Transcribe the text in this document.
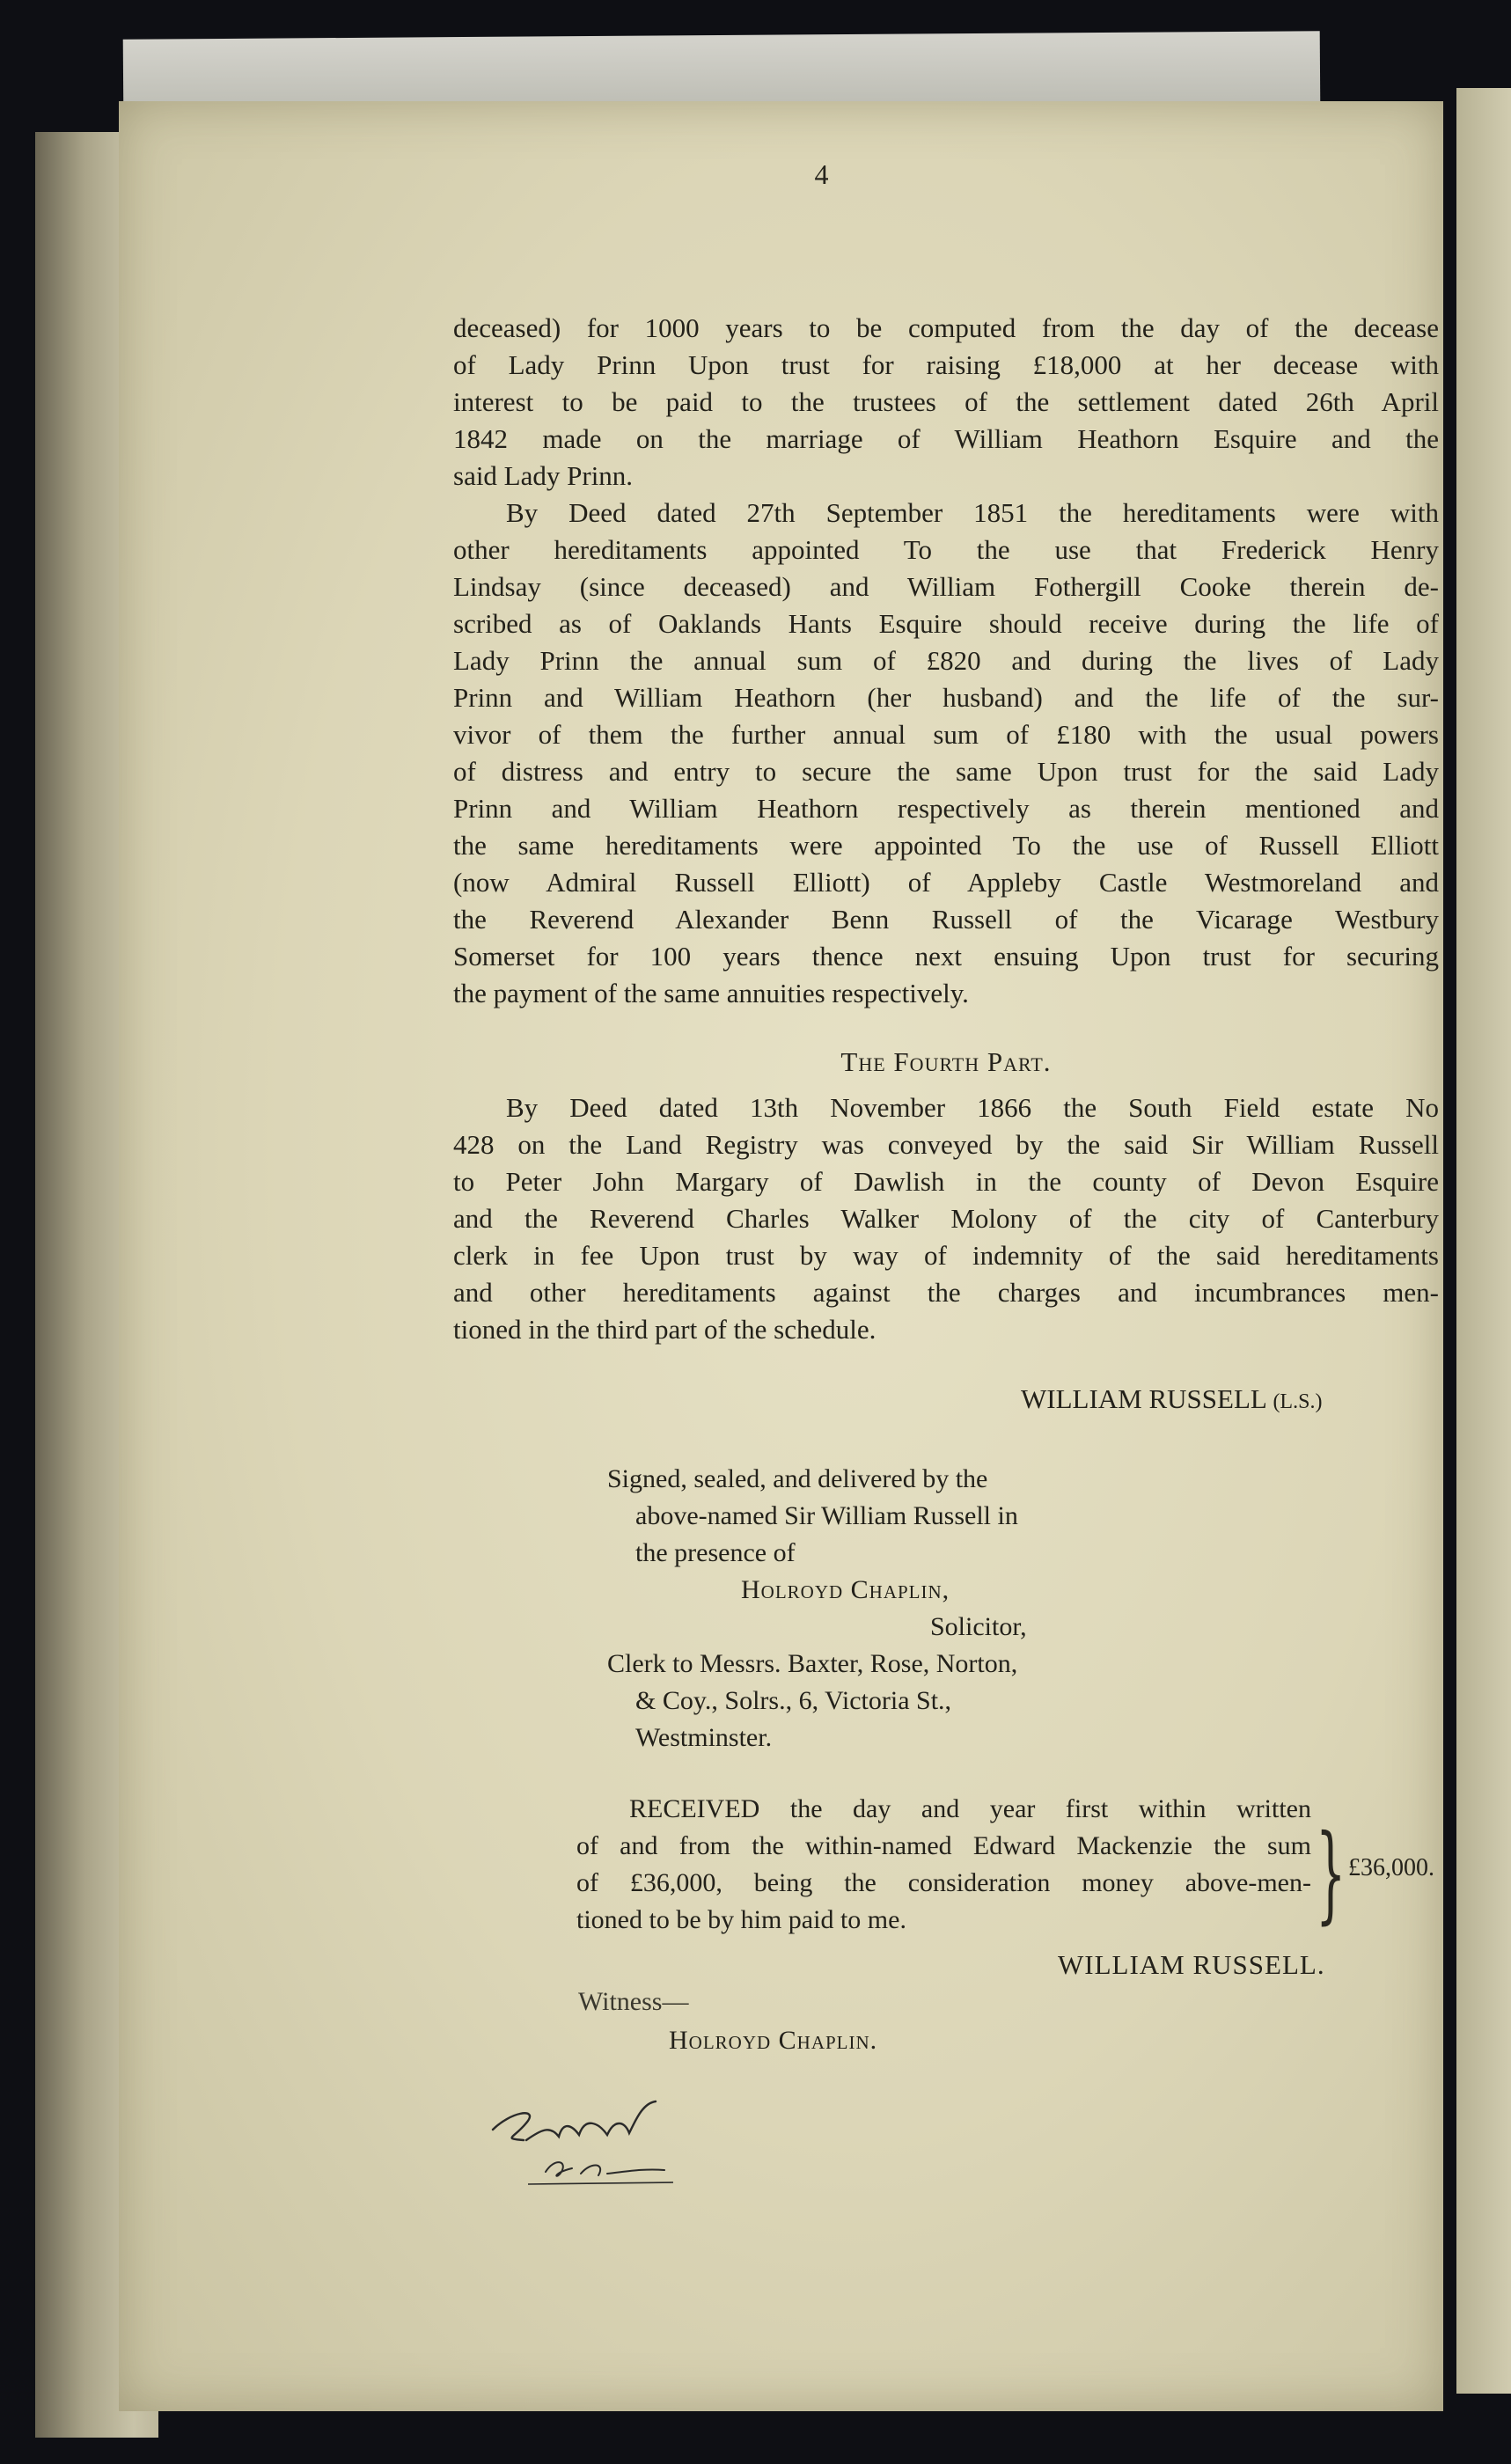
4
deceased) for 1000 years to be computed from the day of the decease
of Lady Prinn Upon trust for raising £18,000 at her decease with
interest to be paid to the trustees of the settlement dated 26th April
1842 made on the marriage of William Heathorn Esquire and the
said Lady Prinn.
By Deed dated 27th September 1851 the hereditaments were with
other hereditaments appointed To the use that Frederick Henry
Lindsay (since deceased) and William Fothergill Cooke therein de-
scribed as of Oaklands Hants Esquire should receive during the life of
Lady Prinn the annual sum of £820 and during the lives of Lady
Prinn and William Heathorn (her husband) and the life of the sur-
vivor of them the further annual sum of £180 with the usual powers
of distress and entry to secure the same Upon trust for the said Lady
Prinn and William Heathorn respectively as therein mentioned and
the same hereditaments were appointed To the use of Russell Elliott
(now Admiral Russell Elliott) of Appleby Castle Westmoreland and
the Reverend Alexander Benn Russell of the Vicarage Westbury
Somerset for 100 years thence next ensuing Upon trust for securing
the payment of the same annuities respectively.
The Fourth Part.
By Deed dated 13th November 1866 the South Field estate No
428 on the Land Registry was conveyed by the said Sir William Russell
to Peter John Margary of Dawlish in the county of Devon Esquire
and the Reverend Charles Walker Molony of the city of Canterbury
clerk in fee Upon trust by way of indemnity of the said hereditaments
and other hereditaments against the charges and incumbrances men-
tioned in the third part of the schedule.
WILLIAM RUSSELL (L.S.)
Signed, sealed, and delivered by the
above-named Sir William Russell in
the presence of
Holroyd Chaplin,
Solicitor,
Clerk to Messrs. Baxter, Rose, Norton,
& Coy., Solrs., 6, Victoria St.,
Westminster.
RECEIVED the day and year first within written
of and from the within-named Edward Mackenzie the sum
of £36,000, being the consideration money above-men-
tioned to be by him paid to me.	} £36,000.
WILLIAM RUSSELL.
Witness—
Holroyd Chaplin.
